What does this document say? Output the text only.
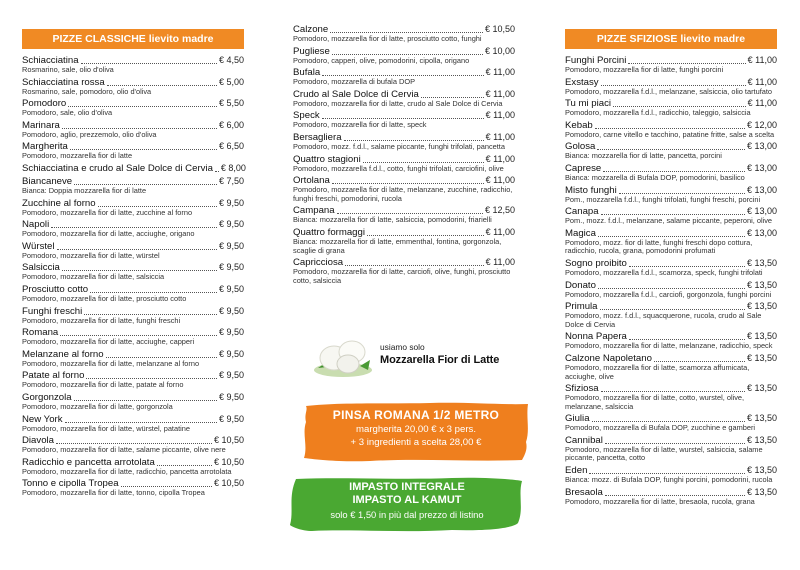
PIZZE CLASSICHE lievito madre
Schiacciatina	€ 4,50
Rosmarino, sale, olio d'oliva
Schiacciatina rossa	€ 5,00
Rosmarino, sale, pomodoro, olio d'oliva
Pomodoro	€ 5,50
Pomodoro, sale, olio d'oliva
Marinara	€ 6,00
Pomodoro, aglio, prezzemolo, olio d'oliva
Margherita	€ 6,50
Pomodoro, mozzarella fior di latte
Schiacciatina e crudo al Sale Dolce di Cervia € 8,00
Biancaneve	€ 7,50
Bianca: Doppia mozzarella fior di latte
Zucchine al forno	€ 9,50
Pomodoro, mozzarella fior di latte, zucchine al forno
Napoli	€ 9,50
Pomodoro, mozzarella fior di latte, acciughe, origano
Würstel	€ 9,50
Pomodoro, mozzarella fior di latte, würstel
Salsiccia	€ 9,50
Pomodoro, mozzarella fior di latte, salsiccia
Prosciutto cotto	€ 9,50
Pomodoro, mozzarella fior di latte, prosciutto cotto
Funghi freschi	€ 9,50
Pomodoro, mozzarella fior di latte, funghi freschi
Romana	€ 9,50
Pomodoro, mozzarella fior di latte, acciughe, capperi
Melanzane al forno	€ 9,50
Pomodoro, mozzarella fior di latte, melanzane al forno
Patate al forno	€ 9,50
Pomodoro, mozzarella fior di latte, patate al forno
Gorgonzola	€ 9,50
Pomodoro, mozzarella fior di latte, gorgonzola
New York	€ 9,50
Pomodoro, mozzarella fior di latte, würstel, patatine
Diavola	€ 10,50
Pomodoro, mozzarella fior di latte, salame piccante, olive nere
Radicchio e pancetta arrotolata	€ 10,50
Pomodoro, mozzarella fior di latte, radicchio, pancetta arrotolata
Tonno e cipolla Tropea	€ 10,50
Pomodoro, mozzarella fior di latte, tonno, cipolla Tropea
Calzone	€ 10,50
Pomodoro, mozzarella fior di latte, prosciutto cotto, funghi
Pugliese	€ 10,00
Pomodoro, capperi, olive, pomodorini, cipolla, origano
Bufala	€ 11,00
Pomodoro, mozzarella di bufala DOP
Crudo al Sale Dolce di Cervia	€ 11,00
Pomodoro, mozzarella fior di latte, crudo al Sale Dolce di Cervia
Speck	€ 11,00
Pomodoro, mozzarella fior di latte, speck
Bersagliera	€ 11,00
Pomodoro, mozz. f.d.l., salame piccante, funghi trifolati, pancetta
Quattro stagioni	€ 11,00
Pomodoro, mozzarella f.d.l., cotto, funghi trifolati, carciofini, olive
Ortolana	€ 11,00
Pomodoro, mozzarella fior di latte, melanzane, zucchine, radicchio, funghi freschi, pomodorini, rucola
Campana	€ 12,50
Bianca: mozzarella fior di latte, salsiccia, pomodorini, friarielli
Quattro formaggi	€ 11,00
Bianca: mozzarella fior di latte, emmenthal, fontina, gorgonzola, scaglie di grana
Capricciosa	€ 11,00
Pomodoro, mozzarella fior di latte, carciofi, olive, funghi, prosciutto cotto, salsiccia
usiamo solo
Mozzarella Fior di Latte
PINSA ROMANA 1/2 METRO
margherita 20,00 € x 3 pers.
+ 3 ingredienti a scelta 28,00 €
IMPASTO INTEGRALE
IMPASTO AL KAMUT
solo € 1,50 in più dal prezzo di listino
PIZZE SFIZIOSE lievito madre
Funghi Porcini	€ 11,00
Pomodoro, mozzarella fior di latte, funghi porcini
Exstasy	€ 11,00
Pomodoro, mozzarella f.d.l., melanzane, salsiccia, olio tartufato
Tu mi piaci	€ 11,00
Pomodoro, mozzarella f.d.l., radicchio, taleggio, salsiccia
Kebab	€ 12,00
Pomodoro, carne vitello e tacchino, patatine fritte, salse a scelta
Golosa	€ 13,00
Bianca: mozzarella fior di latte, pancetta, porcini
Caprese	€ 13,00
Bianca: mozzarella di Bufala DOP, pomodorini, basilico
Misto funghi	€ 13,00
Pom., mozzarella f.d.l., funghi trifolati, funghi freschi, porcini
Canapa	€ 13,00
Pom., mozz. f.d.l., melanzane, salame piccante, peperoni, olive
Magica	€ 13,00
Pomodoro, mozz. fior di latte, funghi freschi dopo cottura, radicchio, rucola, grana, pomodorini profumati
Sogno proibito	€ 13,50
Pomodoro, mozzarella f.d.l., scamorza, speck, funghi trifolati
Donato	€ 13,50
Pomodoro, mozzarella f.d.l., carciofi, gorgonzola, funghi porcini
Primula	€ 13,50
Pomodoro, mozz. f.d.l., squacquerone, rucola, crudo al Sale Dolce di Cervia
Nonna Papera	€ 13,50
Pomodoro, mozzarella fior di latte, melanzane, radicchio, speck
Calzone Napoletano	€ 13,50
Pomodoro, mozzarella fior di latte, scamorza affumicata, acciughe, olive
Sfiziosa	€ 13,50
Pomodoro, mozzarella fior di latte, cotto, wurstel, olive, melanzane, salsiccia
Giulia	€ 13,50
Pomodoro, mozzarella di Bufala DOP, zucchine e gamberi
Cannibal	€ 13,50
Pomodoro, mozzarella fior di latte, wurstel, salsiccia, salame piccante, pancetta, cotto
Eden	€ 13,50
Bianca: mozz. di Bufala DOP, funghi porcini, pomodorini, rucola
Bresaola	€ 13,50
Pomodoro, mozzarella fior di latte, bresaola, rucola, grana
